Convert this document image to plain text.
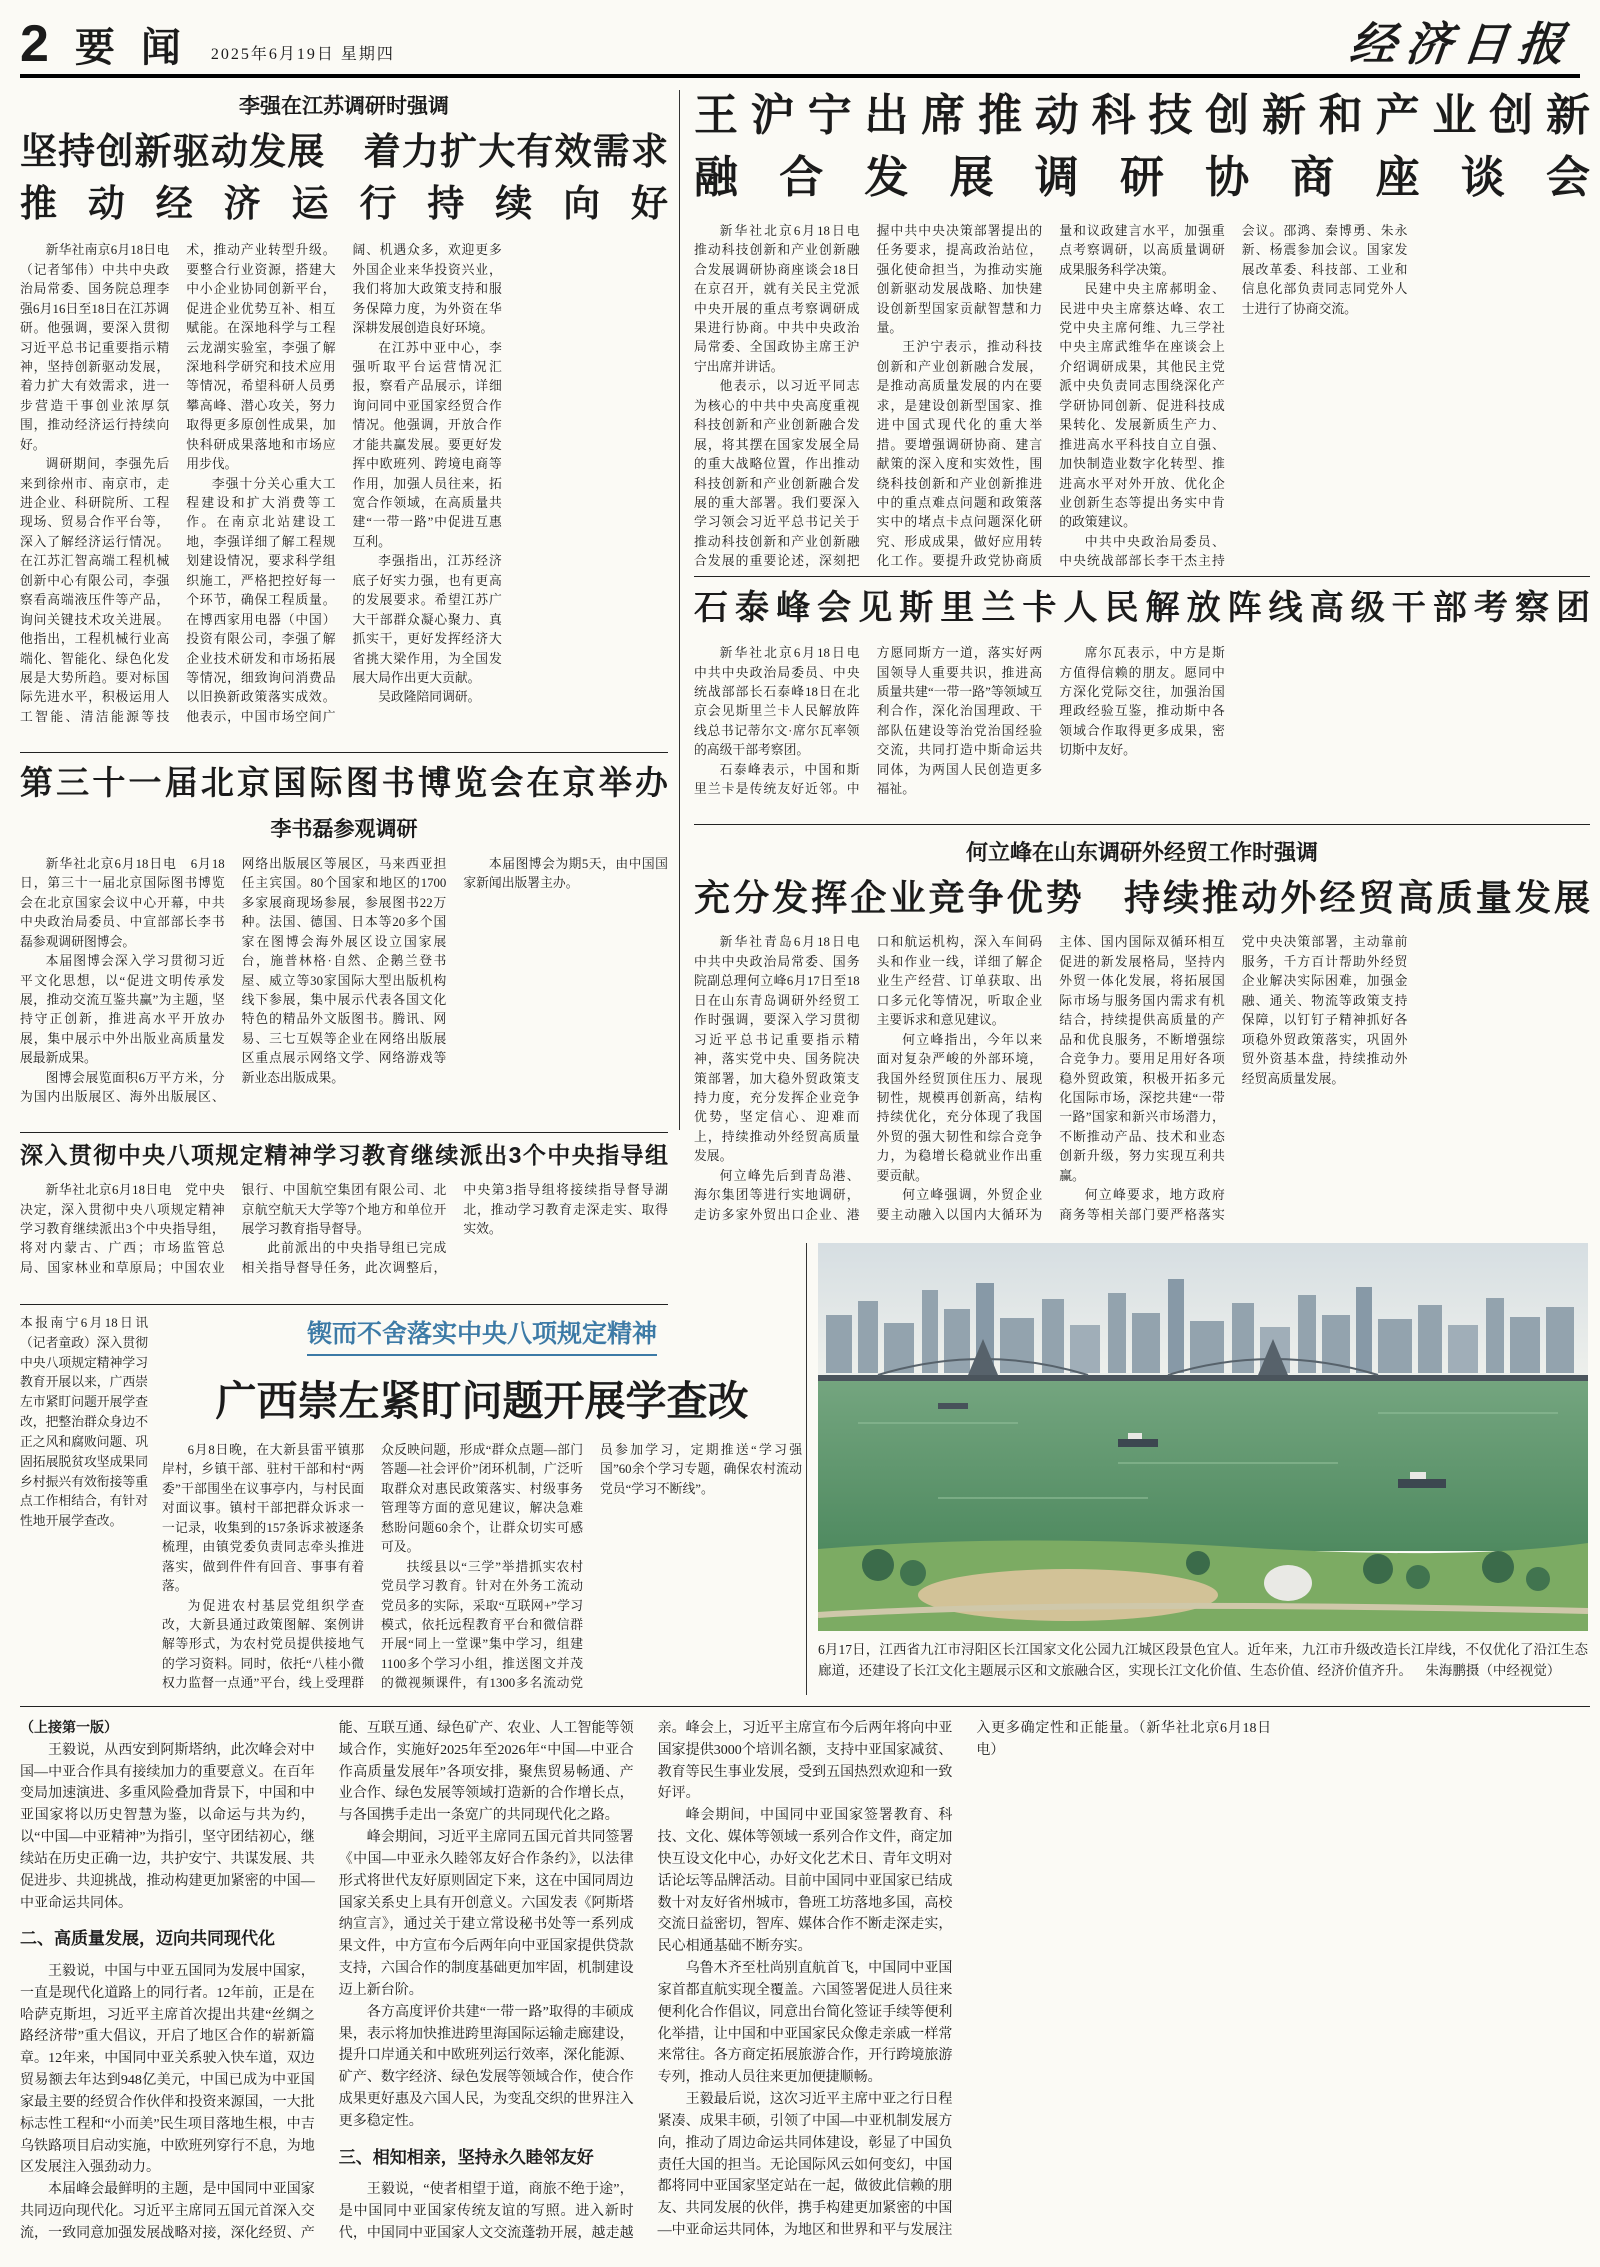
2 要闻 2025年6月19日 星期四	经济日报
李强在江苏调研时强调
坚持创新驱动发展　着力扩大有效需求
推动经济运行持续向好

新华社南京6月18日电（记者邹伟）中共中央政治局常委、国务院总理李强6月16日至18日在江苏调研。他强调，要深入贯彻习近平总书记重要指示精神，坚持创新驱动发展，着力扩大有效需求，进一步营造干事创业浓厚氛围，推动经济运行持续向好。

调研期间，李强先后来到徐州市、南京市，走进企业、科研院所、工程现场、贸易合作平台等，深入了解经济运行情况。在江苏汇智高端工程机械创新中心有限公司，李强察看高端液压件等产品，询问关键技术攻关进展。他指出，工程机械行业高端化、智能化、绿色化发展是大势所趋。要对标国际先进水平，积极运用人工智能、清洁能源等技术，推动产业转型升级。要整合行业资源，搭建大中小企业协同创新平台，促进企业优势互补、相互赋能。在深地科学与工程云龙湖实验室，李强了解深地科学研究和技术应用等情况，希望科研人员勇攀高峰、潜心攻关，努力取得更多原创性成果，加快科研成果落地和市场应用步伐。

李强十分关心重大工程建设和扩大消费等工作。在南京北站建设工地，李强详细了解工程规划建设情况，要求科学组织施工，严格把控好每一个环节，确保工程质量。在博西家用电器（中国）投资有限公司，李强了解企业技术研发和市场拓展等情况，细致询问消费品以旧换新政策落实成效。他表示，中国市场空间广阔、机遇众多，欢迎更多外国企业来华投资兴业，我们将加大政策支持和服务保障力度，为外资在华深耕发展创造良好环境。

在江苏中亚中心，李强听取平台运营情况汇报，察看产品展示，详细询问同中亚国家经贸合作情况。他强调，开放合作才能共赢发展。要更好发挥中欧班列、跨境电商等作用，加强人员往来，拓宽合作领域，在高质量共建“一带一路”中促进互惠互利。

李强指出，江苏经济底子好实力强，也有更高的发展要求。希望江苏广大干部群众凝心聚力、真抓实干，更好发挥经济大省挑大梁作用，为全国发展大局作出更大贡献。

吴政隆陪同调研。

王沪宁出席推动科技创新和产业创新
融合发展调研协商座谈会

新华社北京6月18日电　推动科技创新和产业创新融合发展调研协商座谈会18日在京召开，就有关民主党派中央开展的重点考察调研成果进行协商。中共中央政治局常委、全国政协主席王沪宁出席并讲话。

他表示，以习近平同志为核心的中共中央高度重视科技创新和产业创新融合发展，将其摆在国家发展全局的重大战略位置，作出推动科技创新和产业创新融合发展的重大部署。我们要深入学习领会习近平总书记关于推动科技创新和产业创新融合发展的重要论述，深刻把握中共中央决策部署提出的任务要求，提高政治站位，强化使命担当，为推动实施创新驱动发展战略、加快建设创新型国家贡献智慧和力量。

王沪宁表示，推动科技创新和产业创新融合发展，是推动高质量发展的内在要求，是建设创新型国家、推进中国式现代化的重大举措。要增强调研协商、建言献策的深入度和实效性，围绕科技创新和产业创新推进中的重点难点问题和政策落实中的堵点卡点问题深化研究、形成成果，做好应用转化工作。要提升政党协商质量和议政建言水平，加强重点考察调研，以高质量调研成果服务科学决策。

民建中央主席郝明金、民进中央主席蔡达峰、农工党中央主席何维、九三学社中央主席武维华在座谈会上介绍调研成果，其他民主党派中央负责同志围绕深化产学研协同创新、促进科技成果转化、发展新质生产力、推进高水平科技自立自强、加快制造业数字化转型、推进高水平对外开放、优化企业创新生态等提出务实中肯的政策建议。

中共中央政治局委员、中央统战部部长李干杰主持会议。邵鸿、秦博勇、朱永新、杨震参加会议。国家发展改革委、科技部、工业和信息化部负责同志同党外人士进行了协商交流。

石泰峰会见斯里兰卡人民解放阵线高级干部考察团

新华社北京6月18日电　中共中央政治局委员、中央统战部部长石泰峰18日在北京会见斯里兰卡人民解放阵线总书记蒂尔文·席尔瓦率领的高级干部考察团。

石泰峰表示，中国和斯里兰卡是传统友好近邻。中方愿同斯方一道，落实好两国领导人重要共识，推进高质量共建“一带一路”等领域互利合作，深化治国理政、干部队伍建设等治党治国经验交流，共同打造中斯命运共同体，为两国人民创造更多福祉。

席尔瓦表示，中方是斯方值得信赖的朋友。愿同中方深化党际交往，加强治国理政经验互鉴，推动斯中各领域合作取得更多成果，密切斯中友好。

第三十一届北京国际图书博览会在京举办
李书磊参观调研

新华社北京6月18日电　6月18日，第三十一届北京国际图书博览会在北京国家会议中心开幕，中共中央政治局委员、中宣部部长李书磊参观调研图博会。

本届图博会深入学习贯彻习近平文化思想，以“促进文明传承发展，推动交流互鉴共赢”为主题，坚持守正创新，推进高水平开放办展，集中展示中外出版业高质量发展最新成果。

图博会展览面积6万平方米，分为国内出版展区、海外出版展区、网络出版展区等展区，马来西亚担任主宾国。80个国家和地区的1700多家展商现场参展，参展图书22万种。法国、德国、日本等20多个国家在图博会海外展区设立国家展台，施普林格·自然、企鹅兰登书屋、威立等30家国际大型出版机构线下参展，集中展示代表各国文化特色的精品外文版图书。腾讯、网易、三七互娱等企业在网络出版展区重点展示网络文学、网络游戏等新业态出版成果。

本届图博会为期5天，由中国国家新闻出版署主办。

何立峰在山东调研外经贸工作时强调
充分发挥企业竞争优势　持续推动外经贸高质量发展

新华社青岛6月18日电　中共中央政治局常委、国务院副总理何立峰6月17日至18日在山东青岛调研外经贸工作时强调，要深入学习贯彻习近平总书记重要指示精神，落实党中央、国务院决策部署，加大稳外贸政策支持力度，充分发挥企业竞争优势，坚定信心、迎难而上，持续推动外经贸高质量发展。

何立峰先后到青岛港、海尔集团等进行实地调研，走访多家外贸出口企业、港口和航运机构，深入车间码头和作业一线，详细了解企业生产经营、订单获取、出口多元化等情况，听取企业主要诉求和意见建议。

何立峰指出，今年以来面对复杂严峻的外部环境，我国外经贸顶住压力、展现韧性，规模再创新高，结构持续优化，充分体现了我国外贸的强大韧性和综合竞争力，为稳增长稳就业作出重要贡献。

何立峰强调，外贸企业要主动融入以国内大循环为主体、国内国际双循环相互促进的新发展格局，坚持内外贸一体化发展，将拓展国际市场与服务国内需求有机结合，持续提供高质量的产品和优良服务，不断增强综合竞争力。要用足用好各项稳外贸政策，积极开拓多元化国际市场，深挖共建“一带一路”国家和新兴市场潜力，不断推动产品、技术和业态创新升级，努力实现互利共赢。

何立峰要求，地方政府商务等相关部门要严格落实党中央决策部署，主动靠前服务，千方百计帮助外经贸企业解决实际困难，加强金融、通关、物流等政策支持保障，以钉钉子精神抓好各项稳外贸政策落实，巩固外贸外资基本盘，持续推动外经贸高质量发展。

深入贯彻中央八项规定精神学习教育继续派出3个中央指导组

新华社北京6月18日电　党中央决定，深入贯彻中央八项规定精神学习教育继续派出3个中央指导组，将对内蒙古、广西；市场监管总局、国家林业和草原局；中国农业银行、中国航空集团有限公司、北京航空航天大学等7个地方和单位开展学习教育指导督导。

此前派出的中央指导组已完成相关指导督导任务，此次调整后，中央第3指导组将接续指导督导湖北，推动学习教育走深走实、取得实效。

本报南宁6月18日讯（记者童政）深入贯彻中央八项规定精神学习教育开展以来，广西崇左市紧盯问题开展学查改，把整治群众身边不正之风和腐败问题、巩固拓展脱贫攻坚成果同乡村振兴有效衔接等重点工作相结合，有针对性地开展学查改。
锲而不舍落实中央八项规定精神
广西崇左紧盯问题开展学查改

6月8日晚，在大新县雷平镇那岸村，乡镇干部、驻村干部和村“两委”干部围坐在议事亭内，与村民面对面议事。镇村干部把群众诉求一一记录，收集到的157条诉求被逐条梳理，由镇党委负责同志牵头推进落实，做到件件有回音、事事有着落。

为促进农村基层党组织学查改，大新县通过政策图解、案例讲解等形式，为农村党员提供接地气的学习资料。同时，依托“八桂小微权力监督一点通”平台，线上受理群众反映问题，形成“群众点题—部门答题—社会评价”闭环机制，广泛听取群众对惠民政策落实、村级事务管理等方面的意见建议，解决急难愁盼问题60余个，让群众切实可感可及。

扶绥县以“三学”举措抓实农村党员学习教育。针对在外务工流动党员多的实际，采取“互联网+”学习模式，依托远程教育平台和微信群开展“同上一堂课”集中学习，组建1100多个学习小组，推送图文并茂的微视频课件，有1300多名流动党员参加学习，定期推送“学习强国”60余个学习专题，确保农村流动党员“学习不断线”。

6月17日，江西省九江市浔阳区长江国家文化公园九江城区段景色宜人。近年来，九江市升级改造长江岸线，不仅优化了沿江生态廊道，还建设了长江文化主题展示区和文旅融合区，实现长江文化价值、生态价值、经济价值齐升。 朱海鹏摄（中经视觉）

（上接第一版）

王毅说，从西安到阿斯塔纳，此次峰会对中国—中亚合作具有接续加力的重要意义。在百年变局加速演进、多重风险叠加背景下，中国和中亚国家将以历史智慧为鉴，以命运与共为约，以“中国—中亚精神”为指引，坚守团结初心，继续站在历史正确一边，共护安宁、共谋发展、共促进步、共迎挑战，推动构建更加紧密的中国—中亚命运共同体。

二、高质量发展，迈向共同现代化

王毅说，中国与中亚五国同为发展中国家，一直是现代化道路上的同行者。12年前，正是在哈萨克斯坦，习近平主席首次提出共建“丝绸之路经济带”重大倡议，开启了地区合作的崭新篇章。12年来，中国同中亚关系驶入快车道，双边贸易额去年达到948亿美元，中国已成为中亚国家最主要的经贸合作伙伴和投资来源国，一大批标志性工程和“小而美”民生项目落地生根，中吉乌铁路项目启动实施，中欧班列穿行不息，为地区发展注入强劲动力。

本届峰会最鲜明的主题，是中国同中亚国家共同迈向现代化。习近平主席同五国元首深入交流，一致同意加强发展战略对接，深化经贸、产能、互联互通、绿色矿产、农业、人工智能等领域合作，实施好2025年至2026年“中国—中亚合作高质量发展年”各项安排，聚焦贸易畅通、产业合作、绿色发展等领域打造新的合作增长点，与各国携手走出一条宽广的共同现代化之路。

峰会期间，习近平主席同五国元首共同签署《中国—中亚永久睦邻友好合作条约》，以法律形式将世代友好原则固定下来，这在中国同周边国家关系史上具有开创意义。六国发表《阿斯塔纳宣言》，通过关于建立常设秘书处等一系列成果文件，中方宣布今后两年向中亚国家提供贷款支持，六国合作的制度基础更加牢固，机制建设迈上新台阶。

各方高度评价共建“一带一路”取得的丰硕成果，表示将加快推进跨里海国际运输走廊建设，提升口岸通关和中欧班列运行效率，深化能源、矿产、数字经济、绿色发展等领域合作，使合作成果更好惠及六国人民，为变乱交织的世界注入更多稳定性。

三、相知相亲，坚持永久睦邻友好

王毅说，“使者相望于道，商旅不绝于途”，是中国同中亚国家传统友谊的写照。进入新时代，中国同中亚国家人文交流蓬勃开展，越走越亲。峰会上，习近平主席宣布今后两年将向中亚国家提供3000个培训名额，支持中亚国家减贫、教育等民生事业发展，受到五国热烈欢迎和一致好评。

峰会期间，中国同中亚国家签署教育、科技、文化、媒体等领域一系列合作文件，商定加快互设文化中心，办好文化艺术日、青年文明对话论坛等品牌活动。目前中国同中亚国家已结成数十对友好省州城市，鲁班工坊落地多国，高校交流日益密切，智库、媒体合作不断走深走实，民心相通基础不断夯实。

乌鲁木齐至杜尚别直航首飞，中国同中亚国家首都直航实现全覆盖。六国签署促进人员往来便利化合作倡议，同意出台简化签证手续等便利化举措，让中国和中亚国家民众像走亲戚一样常来常往。各方商定拓展旅游合作，开行跨境旅游专列，推动人员往来更加便捷顺畅。

王毅最后说，这次习近平主席中亚之行日程紧凑、成果丰硕，引领了中国—中亚机制发展方向，推动了周边命运共同体建设，彰显了中国负责任大国的担当。无论国际风云如何变幻，中国都将同中亚国家坚定站在一起，做彼此信赖的朋友、共同发展的伙伴，携手构建更加紧密的中国—中亚命运共同体，为地区和世界和平与发展注入更多确定性和正能量。（新华社北京6月18日电）
